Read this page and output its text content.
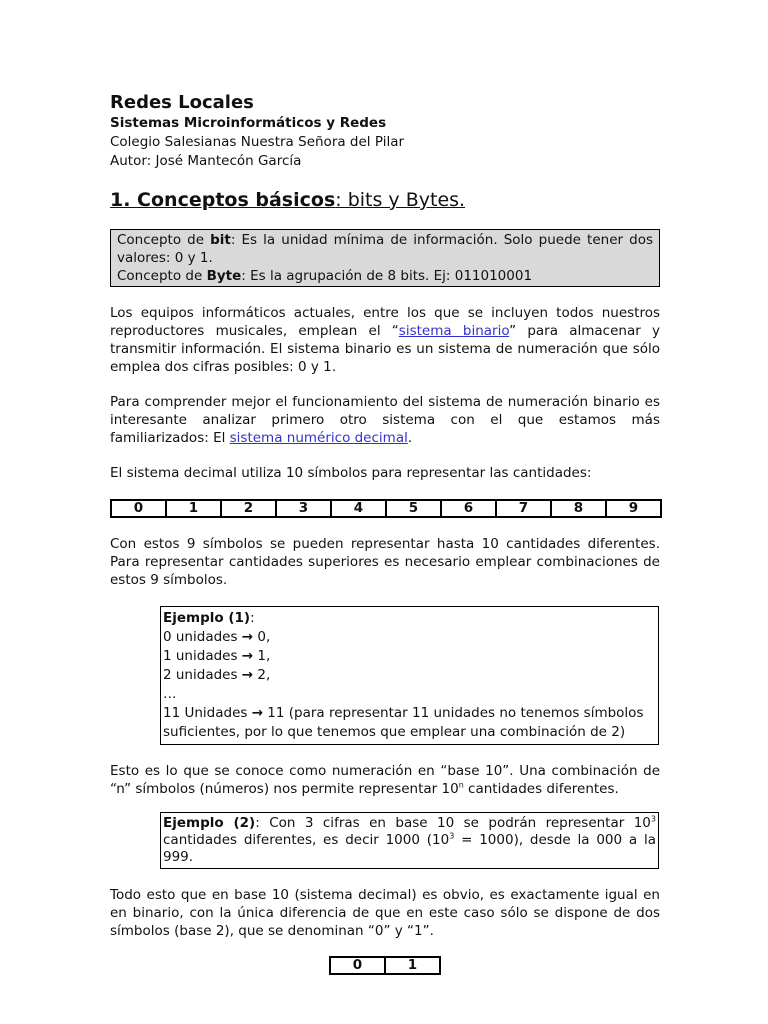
Redes Locales

Sistemas Microinformáticos y Redes

Colegio Salesianas Nuestra Señora del Pilar

Autor: José Mantecón García

1. Conceptos básicos: bits y Bytes.

Concepto de bit: Es la unidad mínima de información. Solo puede tener dos valores: 0 y 1.
Concepto de Byte: Es la agrupación de 8 bits. Ej: 011010001

Los equipos informáticos actuales, entre los que se incluyen todos nuestros reproductores musicales, emplean el “sistema binario” para almacenar y transmitir información. El sistema binario es un sistema de numeración que sólo emplea dos cifras posibles: 0 y 1.

Para comprender mejor el funcionamiento del sistema de numeración binario es interesante analizar primero otro sistema con el que estamos más familiarizados: El sistema numérico decimal.

El sistema decimal utiliza 10 símbolos para representar las cantidades:

0	1	2	3	4	5	6	7	8	9

Con estos 9 símbolos se pueden representar hasta 10 cantidades diferentes. Para representar cantidades superiores es necesario emplear combinaciones de estos 9 símbolos.

Ejemplo (1):
0 unidades → 0,
1 unidades → 1,
2 unidades → 2,
…
11 Unidades → 11 (para representar 11 unidades no tenemos símbolos suficientes, por lo que tenemos que emplear una combinación de 2)

Esto es lo que se conoce como numeración en “base 10”. Una combinación de “n” símbolos (números) nos permite representar 10$^n$ cantidades diferentes.

Ejemplo (2): Con 3 cifras en base 10 se podrán representar $10^3$ cantidades diferentes, es decir 1000 $(10^3 = 1000)$, desde la 000 a la 999.

Todo esto que en base 10 (sistema decimal) es obvio, es exactamente igual en en binario, con la única diferencia de que en este caso sólo se dispone de dos símbolos (base 2), que se denominan “0” y “1”.

0	1
